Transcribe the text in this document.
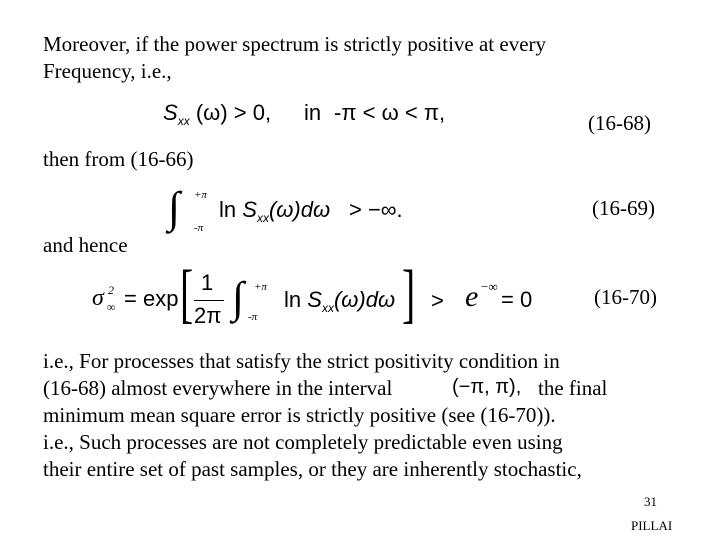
Moreover, if the power spectrum is strictly positive at every

Frequency, i.e.,

$S_{xx}$ (ω) > 0, in -π < ω < π,	(16-68)

then from (16-66)

∫ +π
-π
$\ln S_{xx}(\omega)d\omega$ > −∞.	(16-69)

and hence

σ 2
∞ = exp [ 1
2π ∫ +π
-π
$\ln S_{xx}(\omega)d\omega$ ] > e −∞
= 0	(16-70)

i.e., For processes that satisfy the strict positivity condition in

(16-68) almost everywhere in the interval	(−π, π), the final

minimum mean square error is strictly positive (see (16-70)).

i.e., Such processes are not completely predictable even using

their entire set of past samples, or they are inherently stochastic,

31
PILLAI
